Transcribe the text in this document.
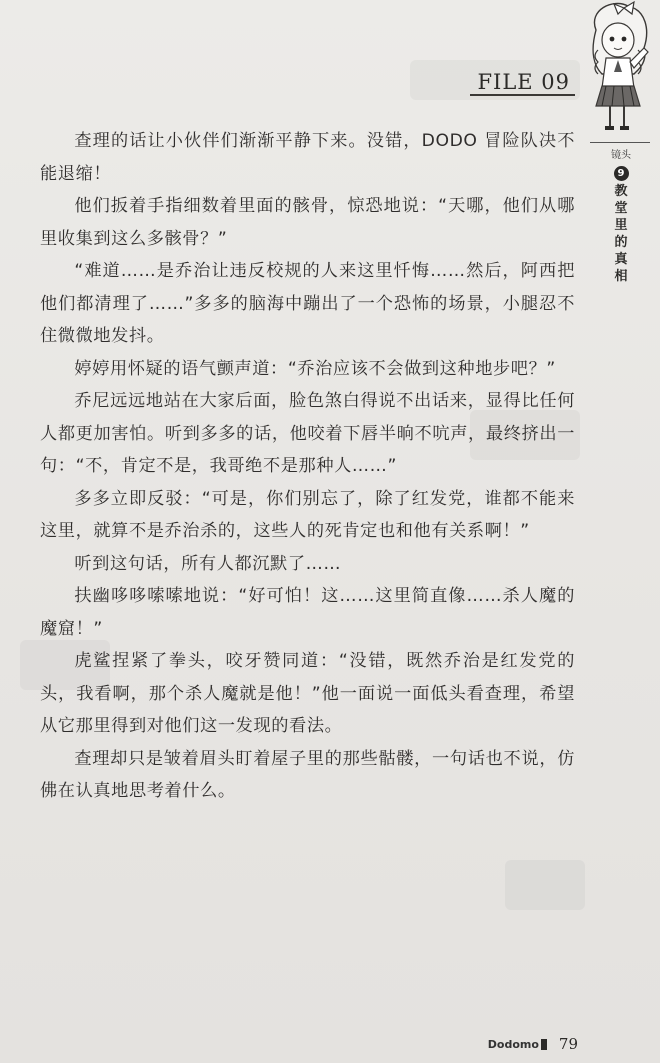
FILE 09
镜头
9
教堂里的真相

查理的话让小伙伴们渐渐平静下来。没错，DODO 冒险队决不能退缩！

他们扳着手指细数着里面的骸骨，惊恐地说：“天哪，他们从哪里收集到这么多骸骨？”

“难道……是乔治让违反校规的人来这里忏悔……然后，阿西把他们都清理了……”多多的脑海中蹦出了一个恐怖的场景，小腿忍不住微微地发抖。

婷婷用怀疑的语气颤声道：“乔治应该不会做到这种地步吧？”

乔尼远远地站在大家后面，脸色煞白得说不出话来，显得比任何人都更加害怕。听到多多的话，他咬着下唇半晌不吭声，最终挤出一句：“不，肯定不是，我哥绝不是那种人……”

多多立即反驳：“可是，你们别忘了，除了红发党，谁都不能来这里，就算不是乔治杀的，这些人的死肯定也和他有关系啊！”

听到这句话，所有人都沉默了……

扶幽哆哆嗦嗦地说：“好可怕！这……这里简直像……杀人魔的魔窟！”

虎鲨捏紧了拳头，咬牙赞同道：“没错，既然乔治是红发党的头，我看啊，那个杀人魔就是他！”他一面说一面低头看查理，希望从它那里得到对他们这一发现的看法。

查理却只是皱着眉头盯着屋子里的那些骷髅，一句话也不说，仿佛在认真地思考着什么。

Dodomo 79
